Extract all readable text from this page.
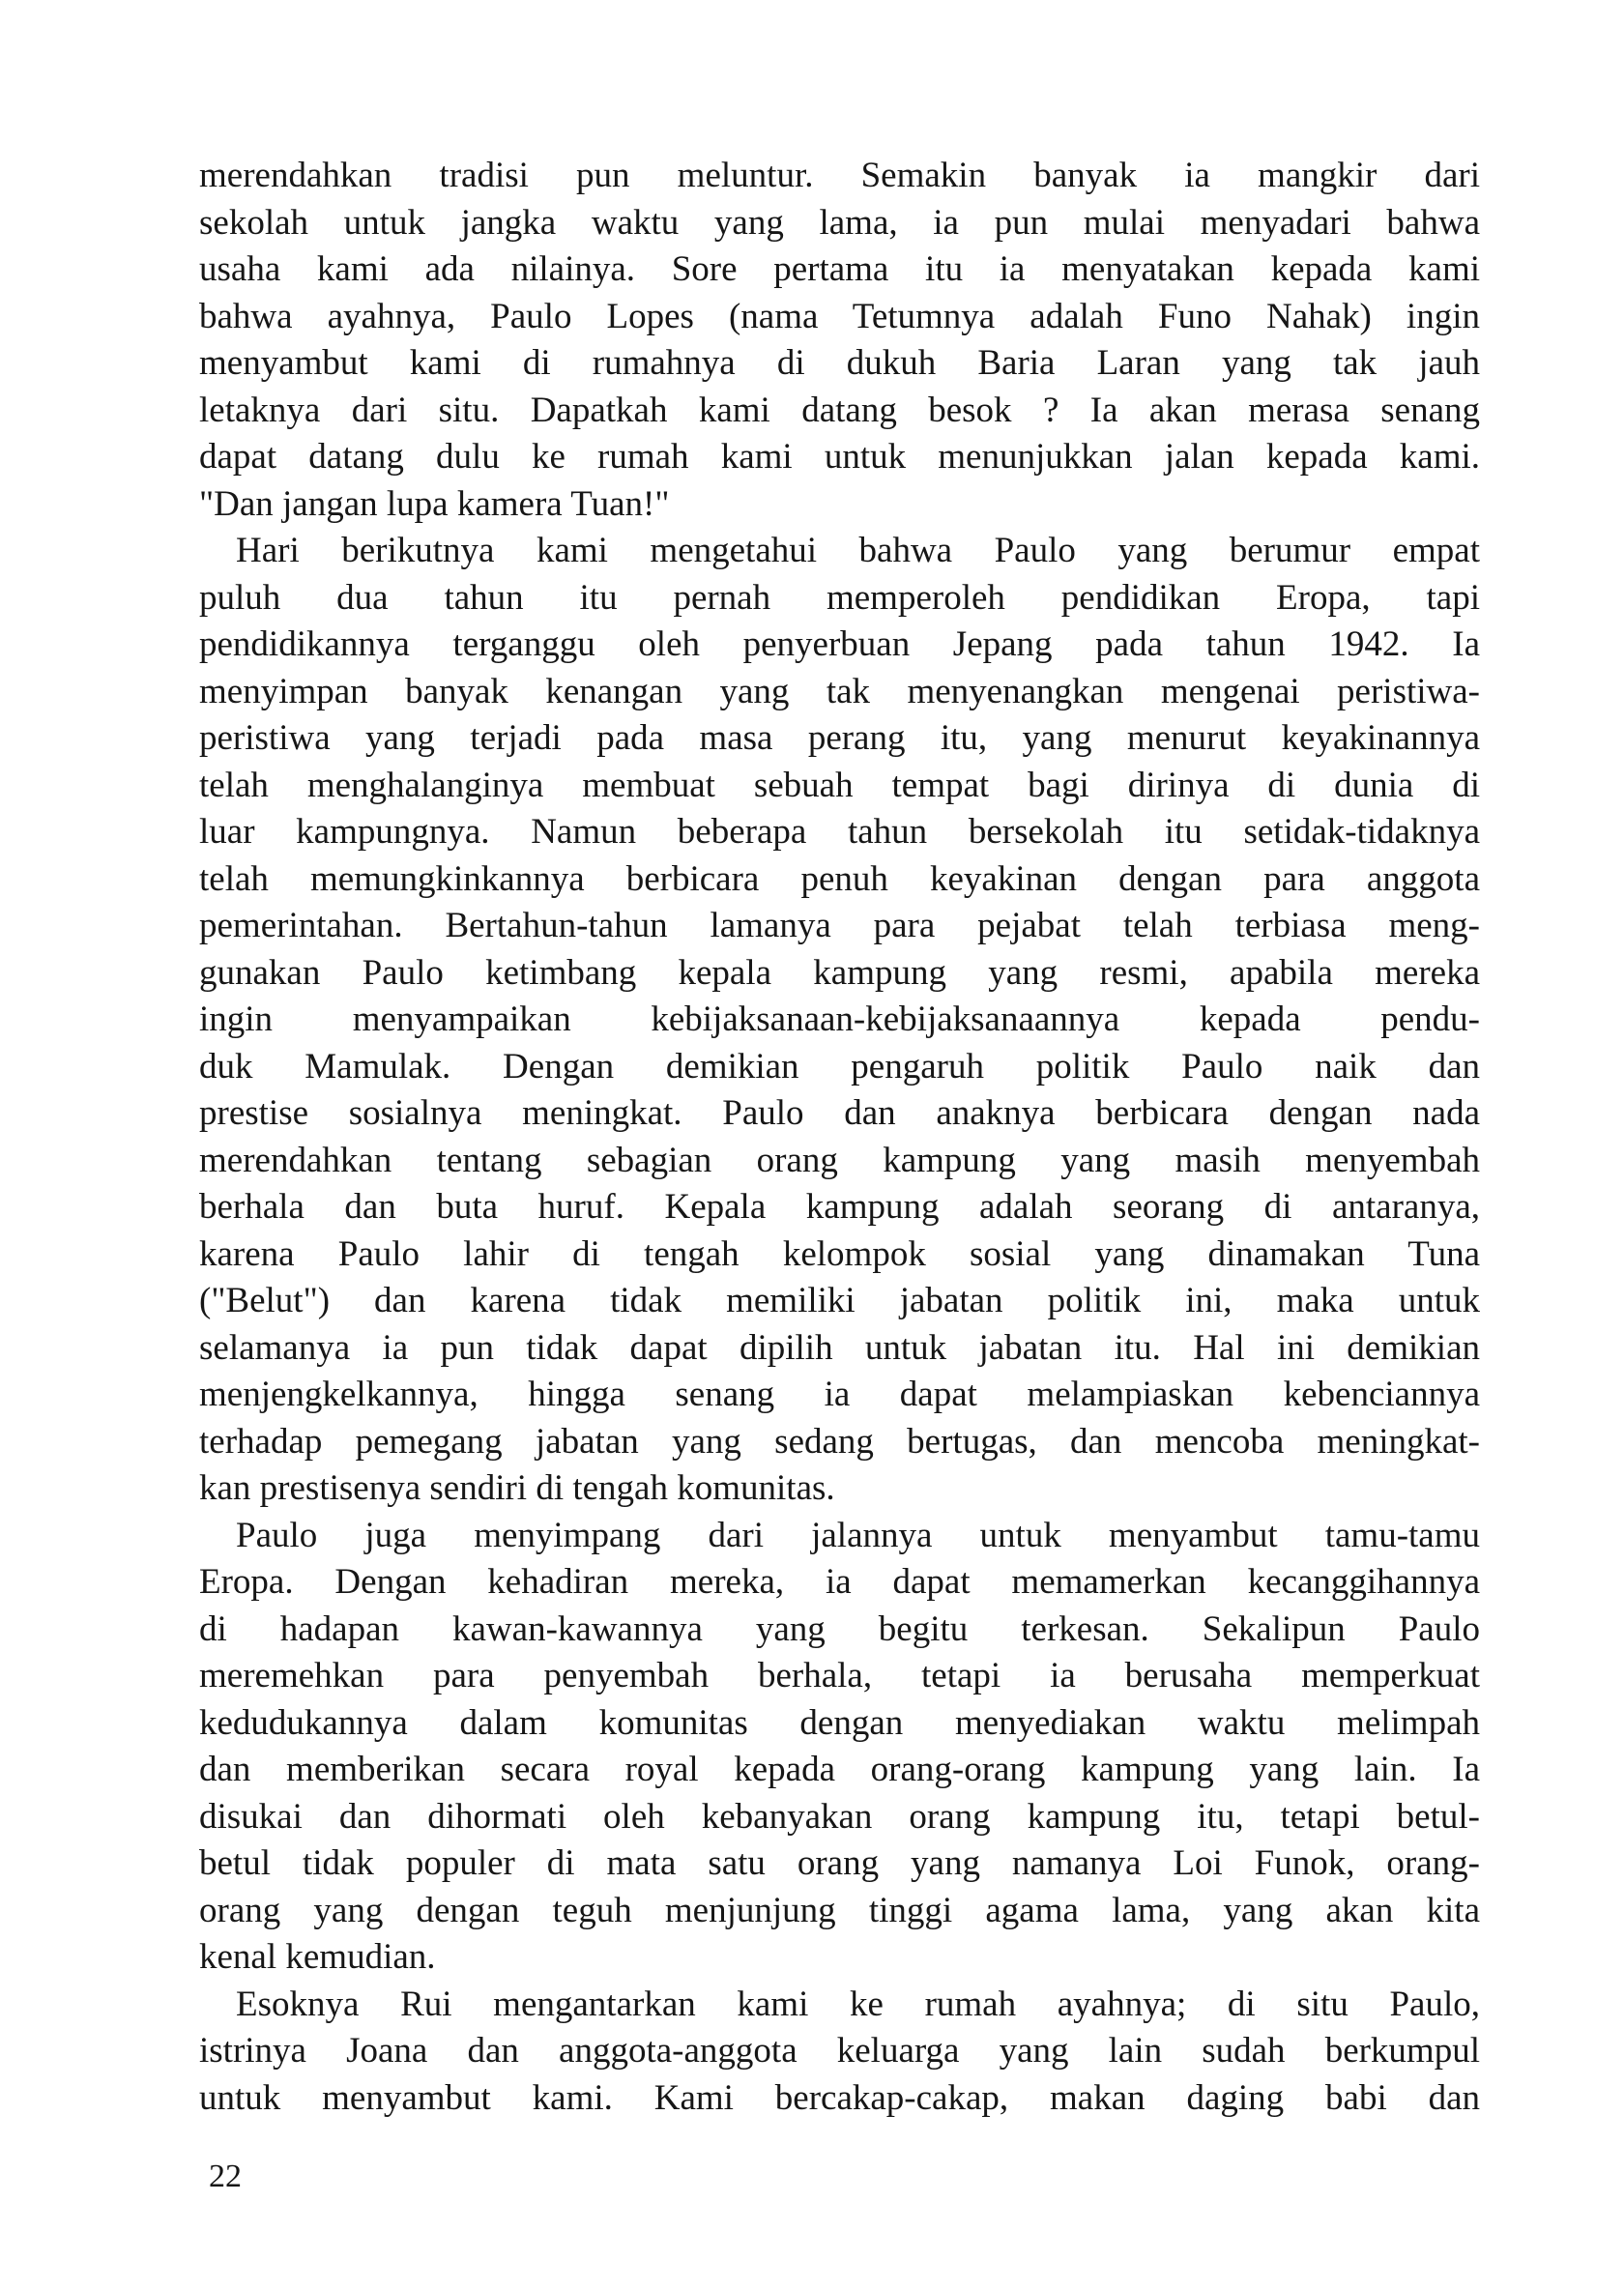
merendahkan tradisi pun meluntur. Semakin banyak ia mangkir dari
sekolah untuk jangka waktu yang lama, ia pun mulai menyadari bahwa
usaha kami ada nilainya. Sore pertama itu ia menyatakan kepada kami
bahwa ayahnya, Paulo Lopes (nama Tetumnya adalah Funo Nahak) ingin
menyambut kami di rumahnya di dukuh Baria Laran yang tak jauh
letaknya dari situ. Dapatkah kami datang besok ? Ia akan merasa senang
dapat datang dulu ke rumah kami untuk menunjukkan jalan kepada kami.
"Dan jangan lupa kamera Tuan!"
Hari berikutnya kami mengetahui bahwa Paulo yang berumur empat
puluh dua tahun itu pernah memperoleh pendidikan Eropa, tapi
pendidikannya terganggu oleh penyerbuan Jepang pada tahun 1942. Ia
menyimpan banyak kenangan yang tak menyenangkan mengenai peristiwa-
peristiwa yang terjadi pada masa perang itu, yang menurut keyakinannya
telah menghalanginya membuat sebuah tempat bagi dirinya di dunia di
luar kampungnya. Namun beberapa tahun bersekolah itu setidak-tidaknya
telah memungkinkannya berbicara penuh keyakinan dengan para anggota
pemerintahan. Bertahun-tahun lamanya para pejabat telah terbiasa meng-
gunakan Paulo ketimbang kepala kampung yang resmi, apabila mereka
ingin menyampaikan kebijaksanaan-kebijaksanaannya kepada pendu-
duk Mamulak. Dengan demikian pengaruh politik Paulo naik dan
prestise sosialnya meningkat. Paulo dan anaknya berbicara dengan nada
merendahkan tentang sebagian orang kampung yang masih menyembah
berhala dan buta huruf. Kepala kampung adalah seorang di antaranya,
karena Paulo lahir di tengah kelompok sosial yang dinamakan Tuna
("Belut") dan karena tidak memiliki jabatan politik ini, maka untuk
selamanya ia pun tidak dapat dipilih untuk jabatan itu. Hal ini demikian
menjengkelkannya, hingga senang ia dapat melampiaskan kebenciannya
terhadap pemegang jabatan yang sedang bertugas, dan mencoba meningkat-
kan prestisenya sendiri di tengah komunitas.
Paulo juga menyimpang dari jalannya untuk menyambut tamu-tamu
Eropa. Dengan kehadiran mereka, ia dapat memamerkan kecanggihannya
di hadapan kawan-kawannya yang begitu terkesan. Sekalipun Paulo
meremehkan para penyembah berhala, tetapi ia berusaha memperkuat
kedudukannya dalam komunitas dengan menyediakan waktu melimpah
dan memberikan secara royal kepada orang-orang kampung yang lain. Ia
disukai dan dihormati oleh kebanyakan orang kampung itu, tetapi betul-
betul tidak populer di mata satu orang yang namanya Loi Funok, orang-
orang yang dengan teguh menjunjung tinggi agama lama, yang akan kita
kenal kemudian.
Esoknya Rui mengantarkan kami ke rumah ayahnya; di situ Paulo,
istrinya Joana dan anggota-anggota keluarga yang lain sudah berkumpul
untuk menyambut kami. Kami bercakap-cakap, makan daging babi dan
22
